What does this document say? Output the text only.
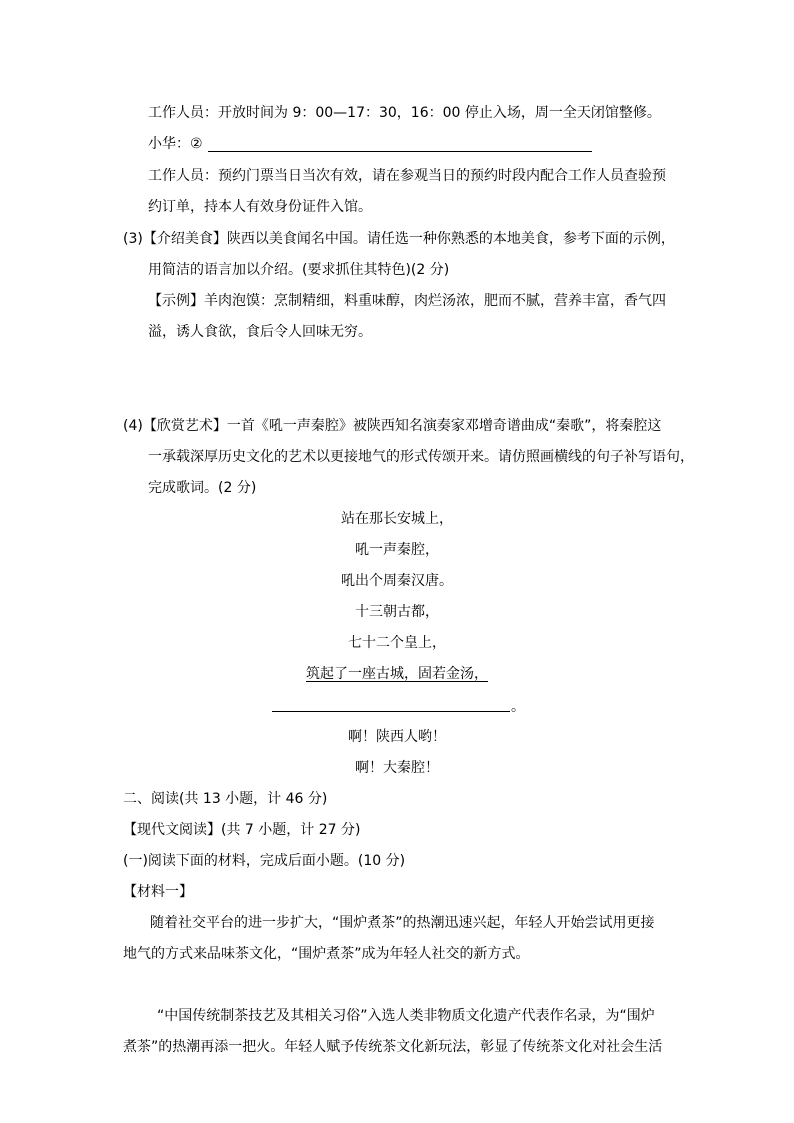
工作人员：开放时间为 9：00—17：30，16：00 停止入场，周一全天闭馆整修。
小华：②
工作人员：预约门票当日当次有效，请在参观当日的预约时段内配合工作人员查验预
约订单，持本人有效身份证件入馆。
(3)【介绍美食】陕西以美食闻名中国。请任选一种你熟悉的本地美食，参考下面的示例，
用简洁的语言加以介绍。(要求抓住其特色)(2 分)
【示例】羊肉泡馍：烹制精细，料重味醇，肉烂汤浓，肥而不腻，营养丰富，香气四
溢，诱人食欲，食后令人回味无穷。
(4)【欣赏艺术】一首《吼一声秦腔》被陕西知名演奏家邓增奇谱曲成“秦歌”，将秦腔这
一承载深厚历史文化的艺术以更接地气的形式传颂开来。请仿照画横线的句子补写语句，
完成歌词。(2 分)
站在那长安城上，
吼一声秦腔，
吼出个周秦汉唐。
十三朝古都，
七十二个皇上，
筑起了一座古城，固若金汤，
。
啊！陕西人哟！
啊！大秦腔！
二、阅读(共 13 小题，计 46 分)
【现代文阅读】(共 7 小题，计 27 分)
(一)阅读下面的材料，完成后面小题。(10 分)
【材料一】
随着社交平台的进一步扩大，“围炉煮茶”的热潮迅速兴起，年轻人开始尝试用更接
地气的方式来品味茶文化，“围炉煮茶”成为年轻人社交的新方式。
“中国传统制茶技艺及其相关习俗”入选人类非物质文化遗产代表作名录，为“围炉
煮茶”的热潮再添一把火。年轻人赋予传统茶文化新玩法，彰显了传统茶文化对社会生活
